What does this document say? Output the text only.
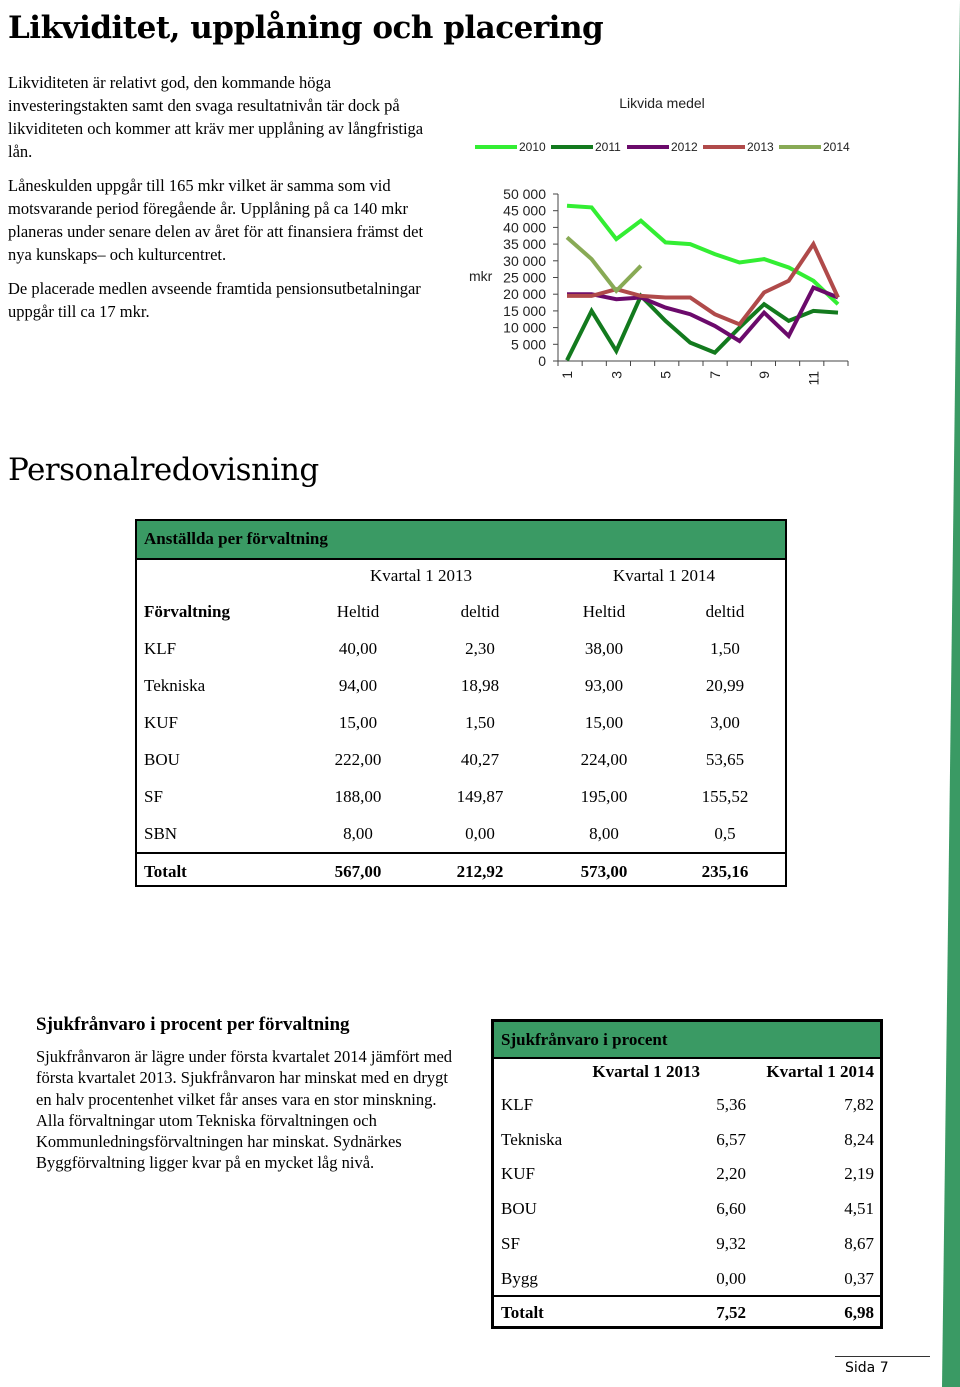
Likviditet, upplåning och placering

Likviditeten är relativt god, den kommande höga investeringstakten samt den svaga resultatnivån tär dock på likviditeten och kommer att kräv mer upplåning av långfristiga lån.

Låneskulden uppgår till 165 mkr vilket är samma som vid motsvarande period föregående år. Upplåning på ca 140 mkr planeras under senare delen av året för att finansiera främst det nya kunskaps– och kulturcentret.

De placerade medlen avseende framtida pensionsutbetalningar uppgår till ca 17 mkr.

Likvida medel
2010	2011	2012	2013	2014
50 000
45 000
40 000
35 000
30 000
25 000
20 000
15 000
10 000
5 000
0
mkr
1 3 5 7 9 11
Personalredovisning
Anställda per förvaltning
Kvartal 1 2013	Kvartal 1 2014
Förvaltning	Heltid	deltid	Heltid	deltid
KLF	40,00	2,30	38,00	1,50
Tekniska	94,00	18,98	93,00	20,99
KUF	15,00	1,50	15,00	3,00
BOU	222,00	40,27	224,00	53,65
SF	188,00	149,87	195,00	155,52
SBN	8,00	0,00	8,00	0,5
Totalt	567,00	212,92	573,00	235,16
Sjukfrånvaro i procent per förvaltning

Sjukfrånvaron är lägre under första kvartalet 2014 jämfört med första kvartalet 2013. Sjukfrånvaron har minskat med en drygt en halv procentenhet vilket får anses vara en stor minskning. Alla förvaltningar utom Tekniska förvaltningen och Kommunledningsförvaltningen har minskat. Sydnärkes Byggförvaltning ligger kvar på en mycket låg nivå.

Sjukfrånvaro i procent
Kvartal 1 2013	Kvartal 1 2014
KLF	5,36	7,82
Tekniska	6,57	8,24
KUF	2,20	2,19
BOU	6,60	4,51
SF	9,32	8,67
Bygg	0,00	0,37
Totalt	7,52	6,98
Sida 7
